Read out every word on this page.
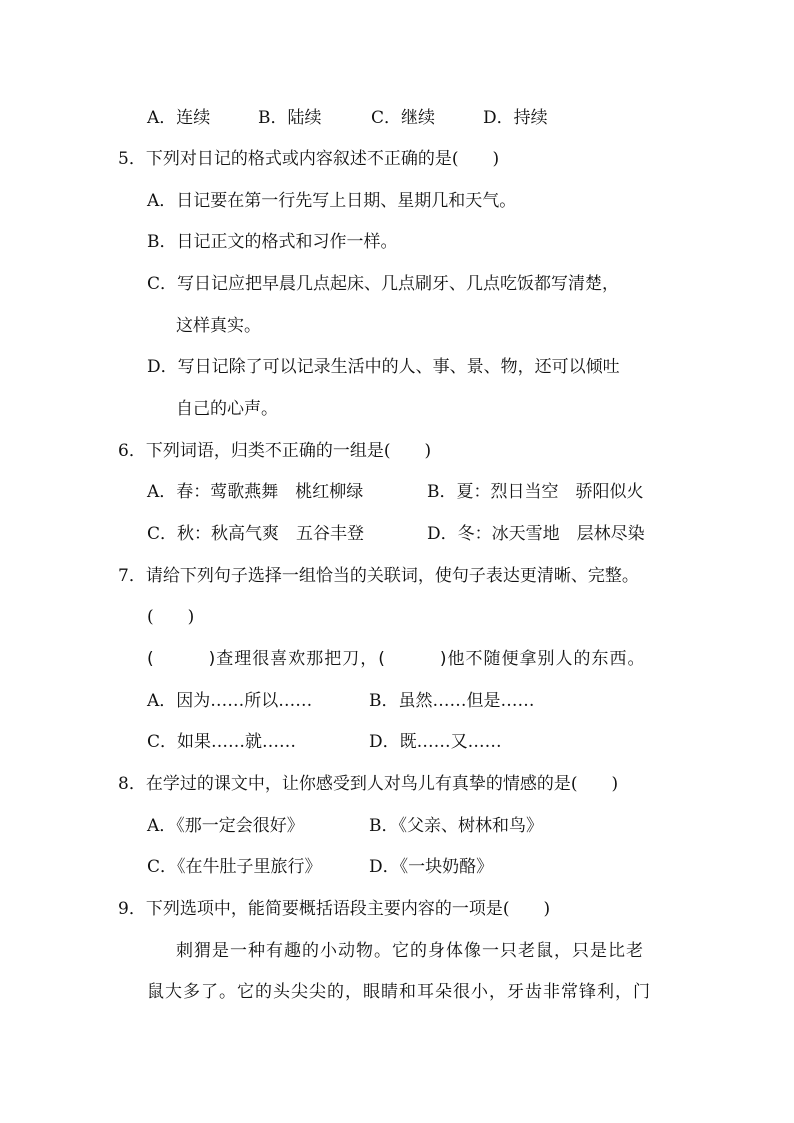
A．连续	B．陆续	C．继续	D．持续
5．下列对日记的格式或内容叙述不正确的是(　　)
A．日记要在第一行先写上日期、星期几和天气。
B．日记正文的格式和习作一样。
C．写日记应把早晨几点起床、几点刷牙、几点吃饭都写清楚，
这样真实。
D．写日记除了可以记录生活中的人、事、景、物，还可以倾吐
自己的心声。
6．下列词语，归类不正确的一组是(　　)
A．春：莺歌燕舞　桃红柳绿	B．夏：烈日当空　骄阳似火
C．秋：秋高气爽　五谷丰登	D．冬：冰天雪地　层林尽染
7．请给下列句子选择一组恰当的关联词，使句子表达更清晰、完整。
(　　)
(　　　)查理很喜欢那把刀，(　　　)他不随便拿别人的东西。
A．因为……所以……	B．虽然……但是……
C．如果……就……	D．既……又……
8．在学过的课文中，让你感受到人对鸟儿有真挚的情感的是(　　)
A．《那一定会很好》	B．《父亲、树林和鸟》
C．《在牛肚子里旅行》	D．《一块奶酪》
9．下列选项中，能简要概括语段主要内容的一项是(　　)
刺猬是一种有趣的小动物。它的身体像一只老鼠，只是比老
鼠大多了。它的头尖尖的，眼睛和耳朵很小，牙齿非常锋利，门
